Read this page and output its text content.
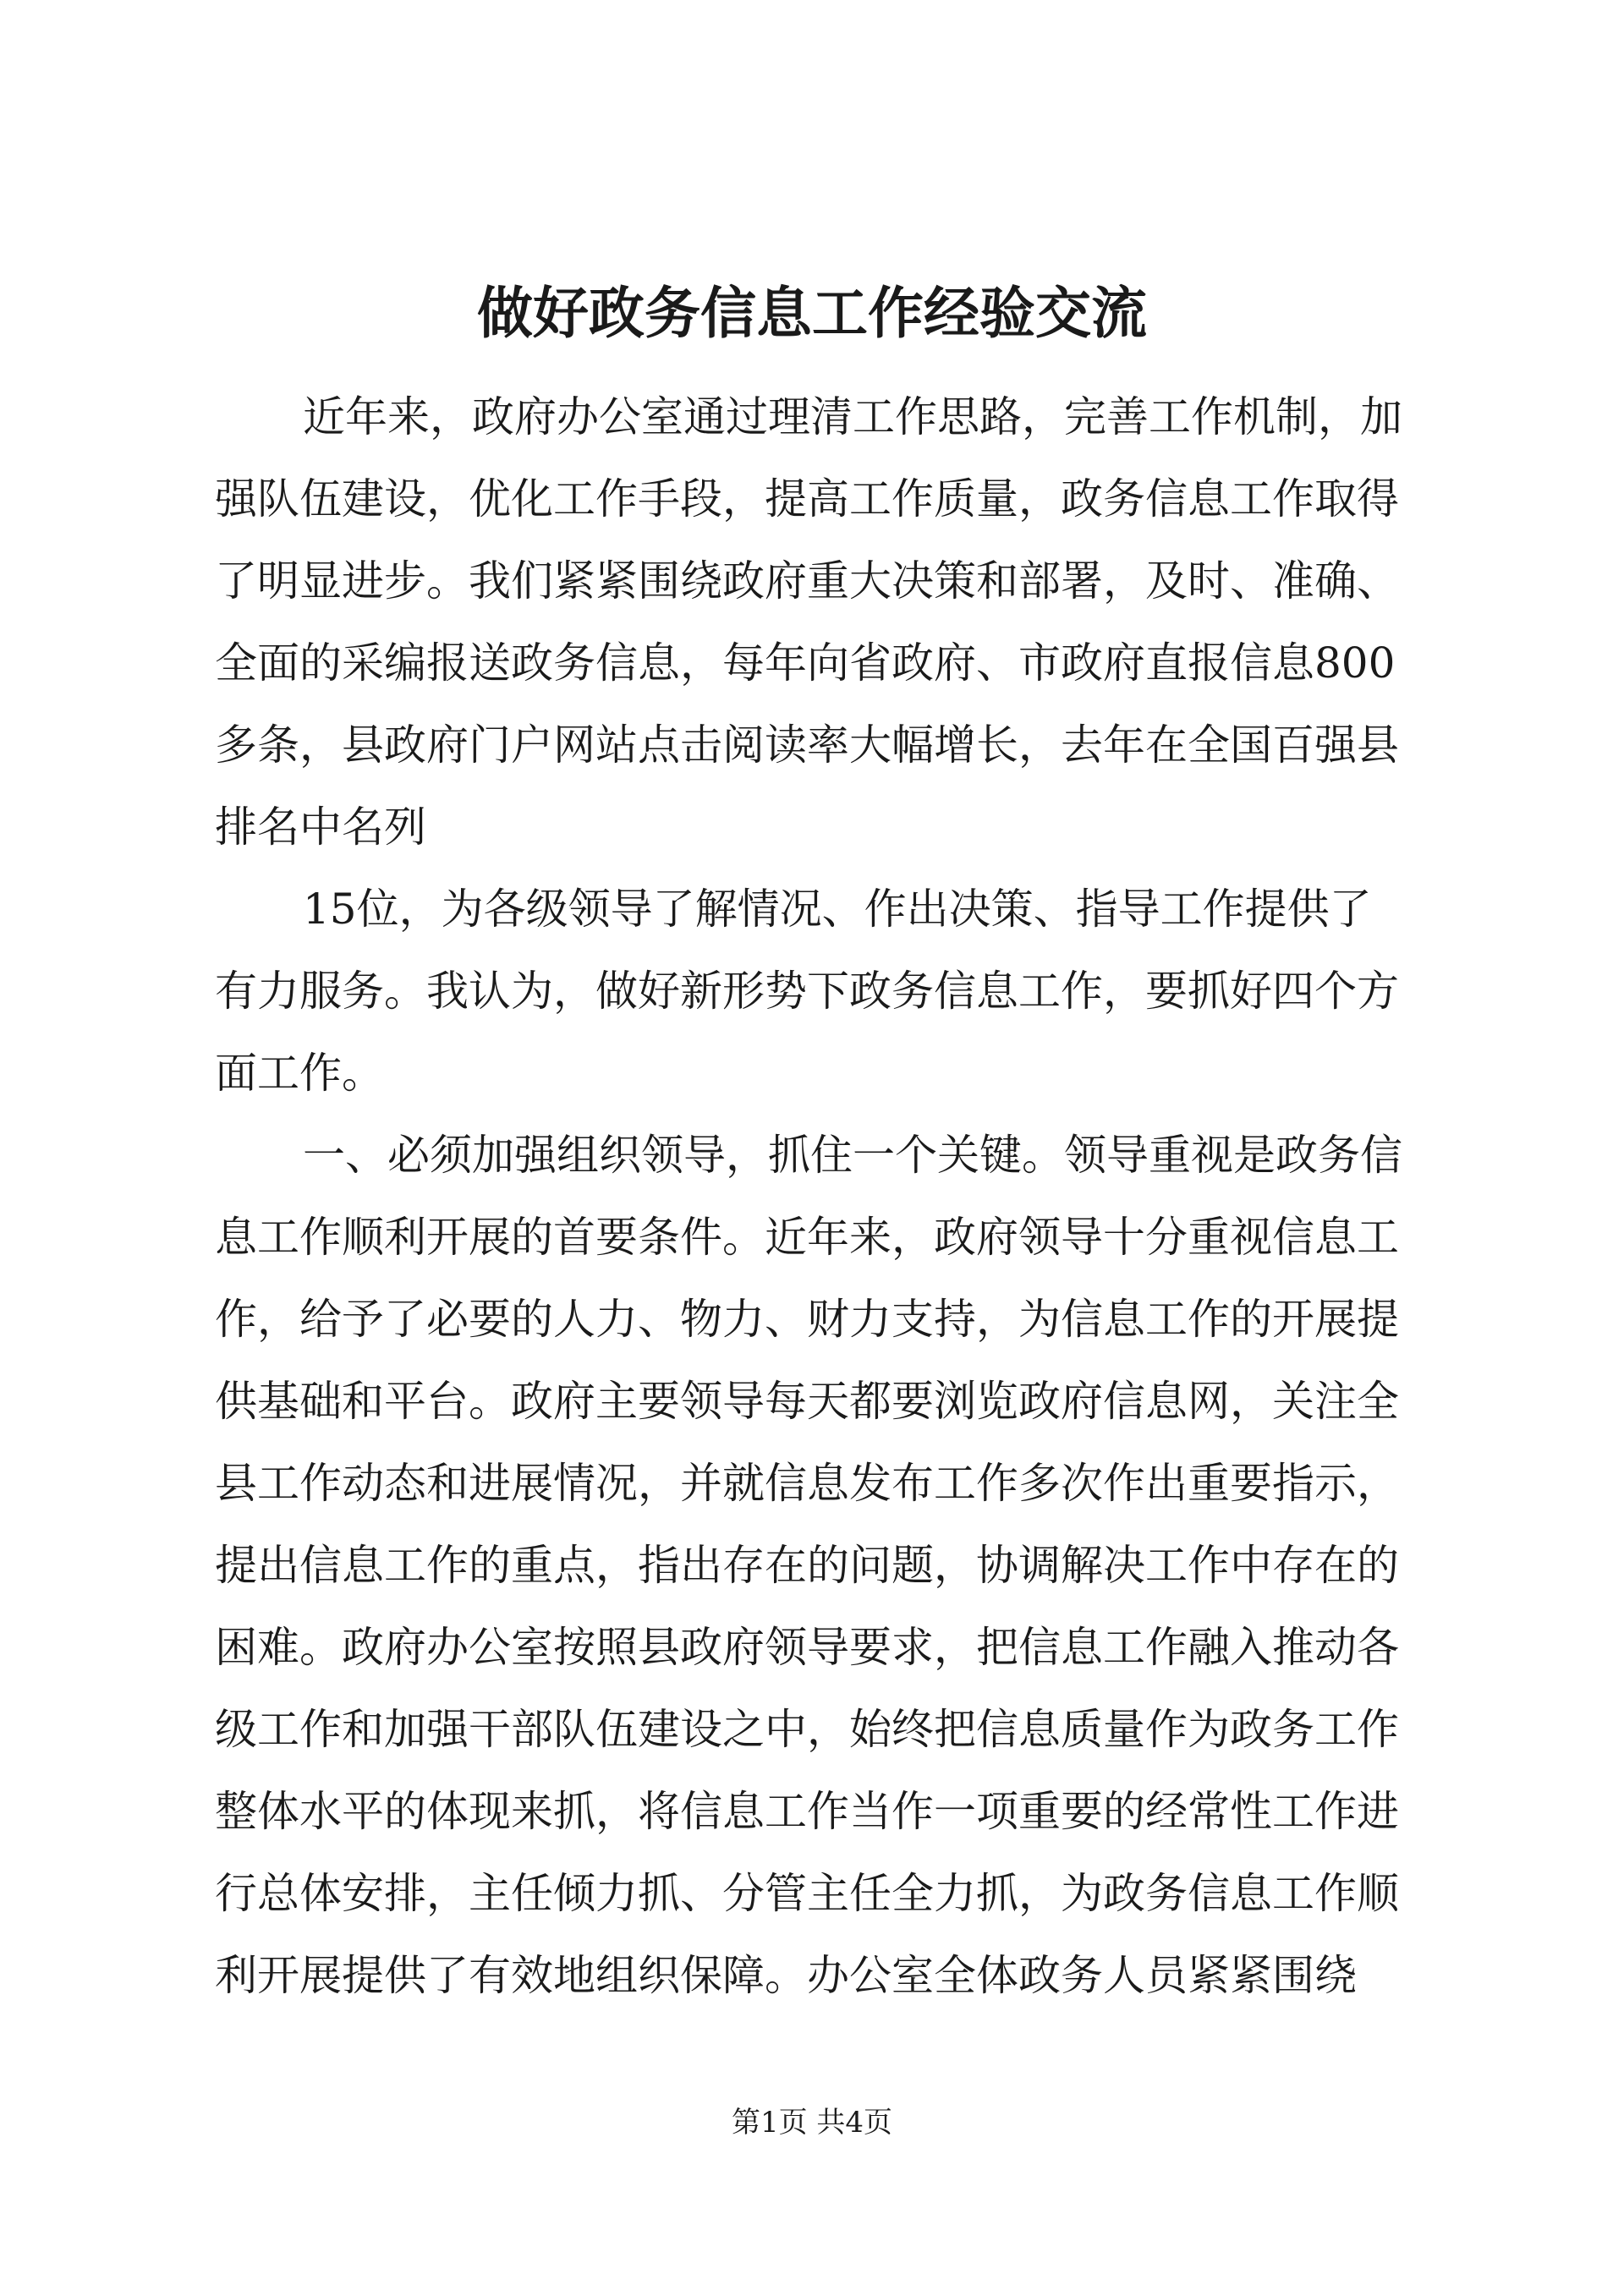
做好政务信息工作经验交流

近年来，政府办公室通过理清工作思路，完善工作机制，加

强队伍建设，优化工作手段，提高工作质量，政务信息工作取得

了明显进步。我们紧紧围绕政府重大决策和部署，及时、准确、

全面的采编报送政务信息，每年向省政府、市政府直报信息800

多条，县政府门户网站点击阅读率大幅增长，去年在全国百强县

排名中名列

15位，为各级领导了解情况、作出决策、指导工作提供了

有力服务。我认为，做好新形势下政务信息工作，要抓好四个方

面工作。

一、必须加强组织领导，抓住一个关键。领导重视是政务信

息工作顺利开展的首要条件。近年来，政府领导十分重视信息工

作，给予了必要的人力、物力、财力支持，为信息工作的开展提

供基础和平台。政府主要领导每天都要浏览政府信息网，关注全

县工作动态和进展情况，并就信息发布工作多次作出重要指示，

提出信息工作的重点，指出存在的问题，协调解决工作中存在的

困难。政府办公室按照县政府领导要求，把信息工作融入推动各

级工作和加强干部队伍建设之中，始终把信息质量作为政务工作

整体水平的体现来抓，将信息工作当作一项重要的经常性工作进

行总体安排，主任倾力抓、分管主任全力抓，为政务信息工作顺

利开展提供了有效地组织保障。办公室全体政务人员紧紧围绕

第1页 共4页
